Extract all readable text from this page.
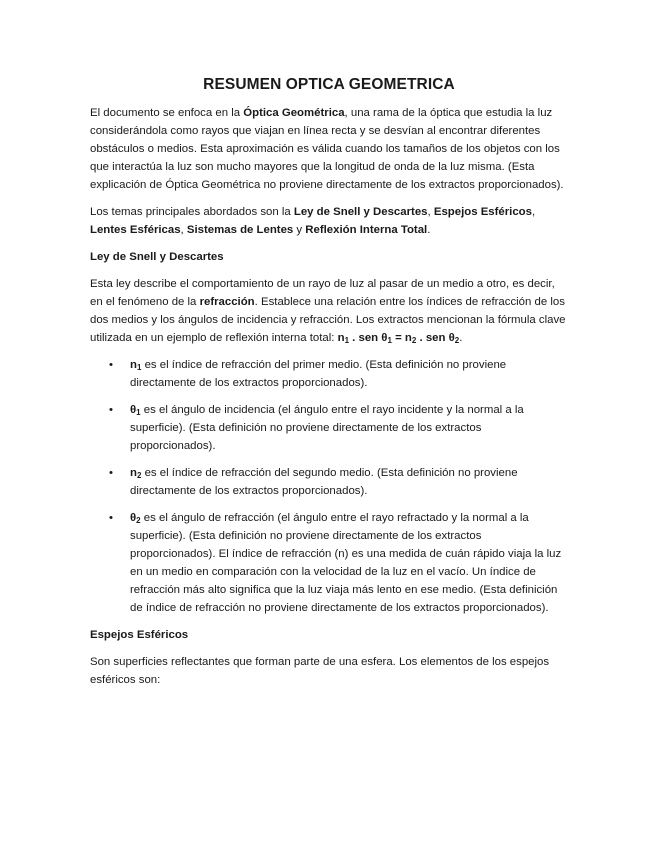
RESUMEN OPTICA GEOMETRICA

El documento se enfoca en la Óptica Geométrica, una rama de la óptica que estudia la luz considerándola como rayos que viajan en línea recta y se desvían al encontrar diferentes obstáculos o medios. Esta aproximación es válida cuando los tamaños de los objetos con los que interactúa la luz son mucho mayores que la longitud de onda de la luz misma. (Esta explicación de Óptica Geométrica no proviene directamente de los extractos proporcionados).

Los temas principales abordados son la Ley de Snell y Descartes, Espejos Esféricos, Lentes Esféricas, Sistemas de Lentes y Reflexión Interna Total.

Ley de Snell y Descartes

Esta ley describe el comportamiento de un rayo de luz al pasar de un medio a otro, es decir, en el fenómeno de la refracción. Establece una relación entre los índices de refracción de los dos medios y los ángulos de incidencia y refracción. Los extractos mencionan la fórmula clave utilizada en un ejemplo de reflexión interna total: $n_1$ . sen $\theta_1 = n_2$ . sen $\theta_2$.

• $n_1$ es el índice de refracción del primer medio. (Esta definición no proviene directamente de los extractos proporcionados).
• $\theta_1$ es el ángulo de incidencia (el ángulo entre el rayo incidente y la normal a la superficie). (Esta definición no proviene directamente de los extractos proporcionados).
• $n_2$ es el índice de refracción del segundo medio. (Esta definición no proviene directamente de los extractos proporcionados).
• $\theta_2$ es el ángulo de refracción (el ángulo entre el rayo refractado y la normal a la superficie). (Esta definición no proviene directamente de los extractos proporcionados). El índice de refracción (n) es una medida de cuán rápido viaja la luz en un medio en comparación con la velocidad de la luz en el vacío. Un índice de refracción más alto significa que la luz viaja más lento en ese medio. (Esta definición de índice de refracción no proviene directamente de los extractos proporcionados).
Espejos Esféricos

Son superficies reflectantes que forman parte de una esfera. Los elementos de los espejos esféricos son:
